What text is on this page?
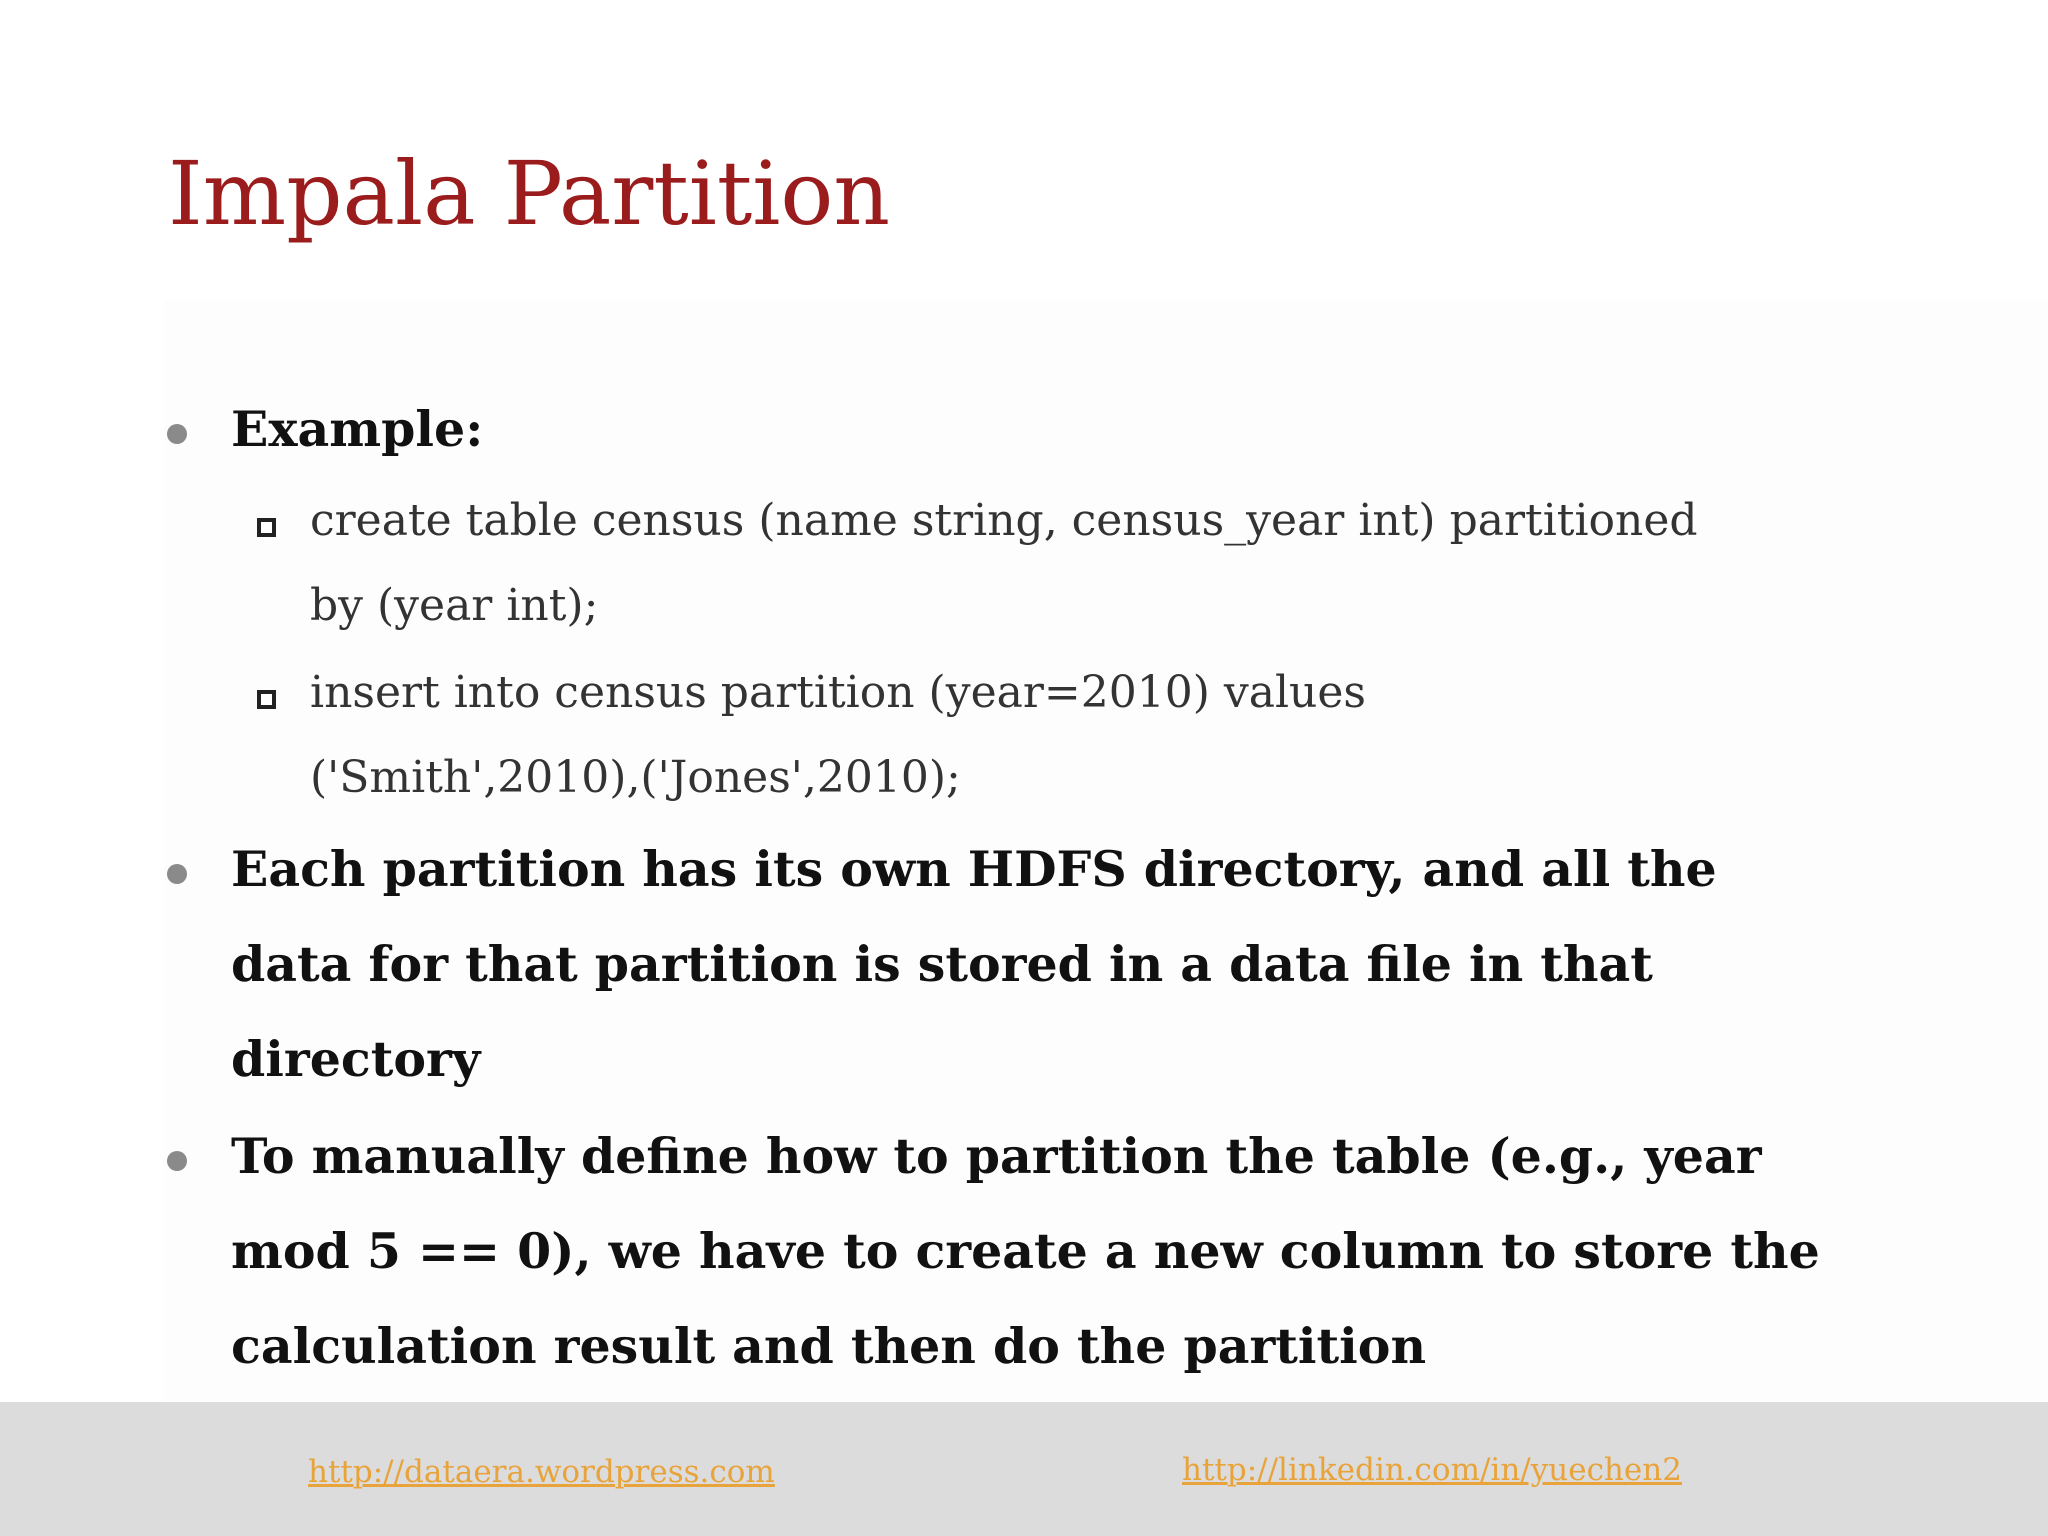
Impala Partition
Example:
create table census (name string, census_year int) partitioned
by (year int);
insert into census partition (year=2010) values
('Smith',2010),('Jones',2010);
Each partition has its own HDFS directory, and all the
data for that partition is stored in a data file in that
directory
To manually define how to partition the table (e.g., year
mod 5 == 0), we have to create a new column to store the
calculation result and then do the partition
http://dataera.wordpress.com	http://linkedin.com/in/yuechen2
